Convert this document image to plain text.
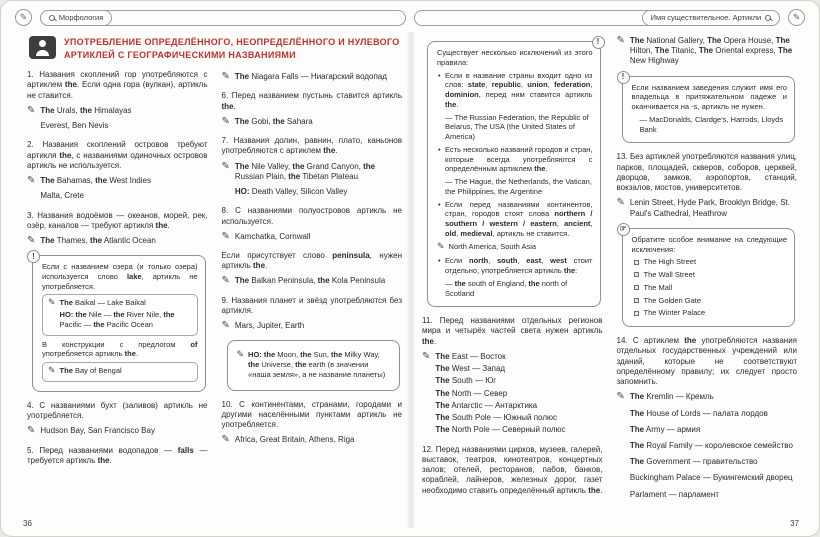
✎	Морфология	Имя существительное. Артикли	✎
УПОТРЕБЛЕНИЕ ОПРЕДЕЛЁННОГО, НЕОПРЕДЕЛЁННОГО И НУЛЕВОГО АРТИКЛЕЙ С ГЕОГРАФИЧЕСКИМИ НАЗВАНИЯМИ

1. Названия скоплений гор употребляются с артиклем the. Если одна гора (вулкан), артикль не ставится.

✎ The Urals, the Himalayas
Everest, Ben Nevis

2. Названия скоплений островов требуют артикля the, с названиями одиночных островов артикль не используется.

✎ The Bahamas, the West Indies
Malta, Crete

3. Названия водоёмов — океанов, морей, рек, озёр, каналов — требуют артикля the.

✎ The Thames, the Atlantic Ocean
!

Если с названием озера (и только озера) используется слово lake, артикль не употребляется.

✎ The Baikal — Lake Baikal
НО: the Nile — the River Nile, the Pacific — the Pacific Ocean

В конструкции с предлогом of употребляется артикль the.

✎ The Bay of Bengal

4. С названиями бухт (заливов) артикль не употребляется.

✎ Hudson Bay, San Francisco Bay

5. Перед названиями водопадов — falls — требуется артикль the.

✎ The Niagara Falls — Ниагарский водопад

6. Перед названием пустынь ставится артикль the.

✎ The Gobi, the Sahara

7. Названия долин, равнин, плато, каньонов употребляются с артиклем the.

✎ The Nile Valley, the Grand Canyon, the Russian Plain, the Tibetan Plateau
НО: Death Valley, Silicon Valley

8. С названиями полуостровов артикль не используется.

✎ Kamchatka, Cornwall

Если присутствует слово peninsula, нужен артикль the.

✎ The Balkan Peninsula, the Kola Peninsula

9. Названия планет и звёзд употребляются без артикля.

✎ Mars, Jupiter, Earth
✎ НО: the Moon, the Sun, the Milky Way, the Universe, the earth (в значении «наша земля», а не название планеты)

10. С континентами, странами, городами и другими населёнными пунктами артикль не употребляется.

✎ Africa, Great Britain, Athens, Riga
36
!

Существует несколько исключений из этого правила:

• Если в название страны входит одно из слов: state, republic, union, federation, dominion, перед ним ставится артикль the.

— The Russian Federation, the Republic of Belarus, The USA (the United States of America)

• Есть несколько названий городов и стран, которые всегда употребляются с определённым артиклем the.

— The Hague, the Netherlands, the Vatican, the Philippines, the Argentine

• Если перед названиями континентов, стран, городов стоят слова northern / southern / western / eastern, ancient, old, medieval, артикль не ставится.

✎ North America, South Asia

• Если north, south, east, west стоит отдельно, употребляется артикль the:

— the south of England, the north of Scotland

11. Перед названиями отдельных регионов мира и четырёх частей света нужен артикль the.

✎ The East — Восток
The West — Запад
The South — Юг
The North — Север
The Antarctic — Антарктика
The South Pole — Южный полюс
The North Pole — Северный полюс

12. Перед названиями цирков, музеев, галерей, выставок, театров, кинотеатров, концертных залов; отелей, ресторанов, пабов, банков, кораблей, лайнеров, железных дорог, газет необходимо ставить определённый артикль the.

✎ The National Gallery, The Opera House, The Hilton, The Titanic, The Oriental express, The New Highway
!

Если названием заведения служит имя его владельца в притяжательном падеже и оканчивается на -s, артикль не нужен.

— MacDonalds, Clardge's, Harrods, Lloyds Bank

13. Без артиклей употребляются названия улиц, парков, площадей, скверов, соборов, церквей, дворцов, замков, аэропортов, станций, вокзалов, мостов, университетов.

✎ Lenin Street, Hyde Park, Brooklyn Bridge, St. Paul's Cathedral, Heathrow
☞

Обратите особое внимание на следующие исключения:

The High Street
The Wall Street
The Mall
The Golden Gate
The Winter Palace

14. С артиклем the употребляются названия отдельных государственных учреждений или зданий, которые не соответствуют определённому правилу; их следует просто запомнить.

✎ The Kremlin — Кремль
The House of Lords — палата лордов
The Army — армия
The Royal Family — королевское семейство
The Government — правительство
Buckingham Palace — Букингемский дворец
Parlament — парламент
37
